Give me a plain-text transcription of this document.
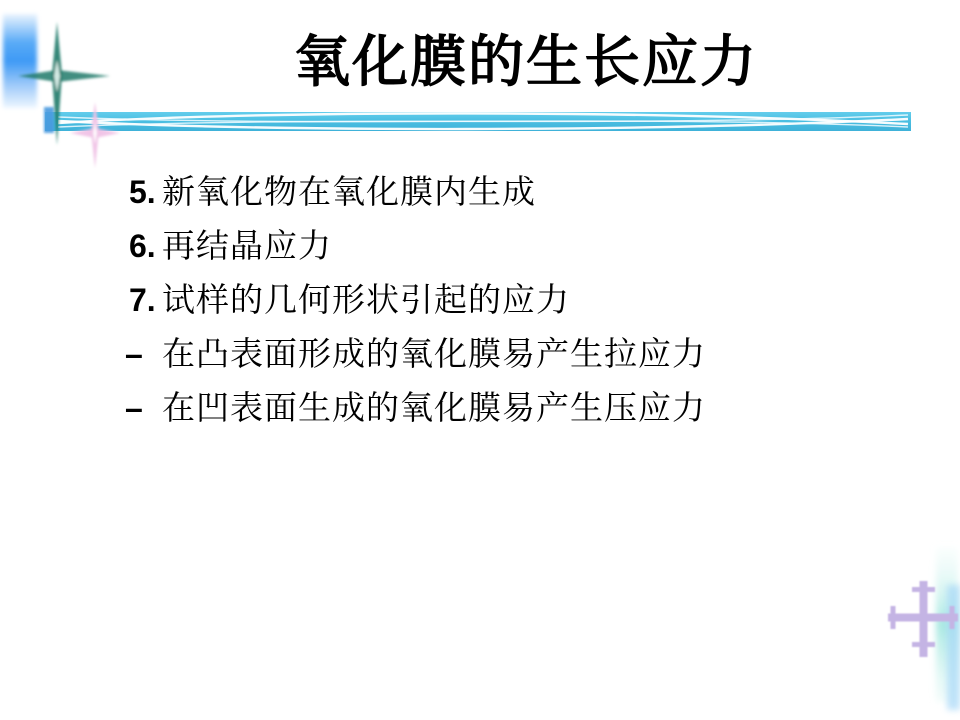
氧化膜的生长应力
5. 新氧化物在氧化膜内生成
6. 再结晶应力
7. 试样的几何形状引起的应力
– 在凸表面形成的氧化膜易产生拉应力
– 在凹表面生成的氧化膜易产生压应力
